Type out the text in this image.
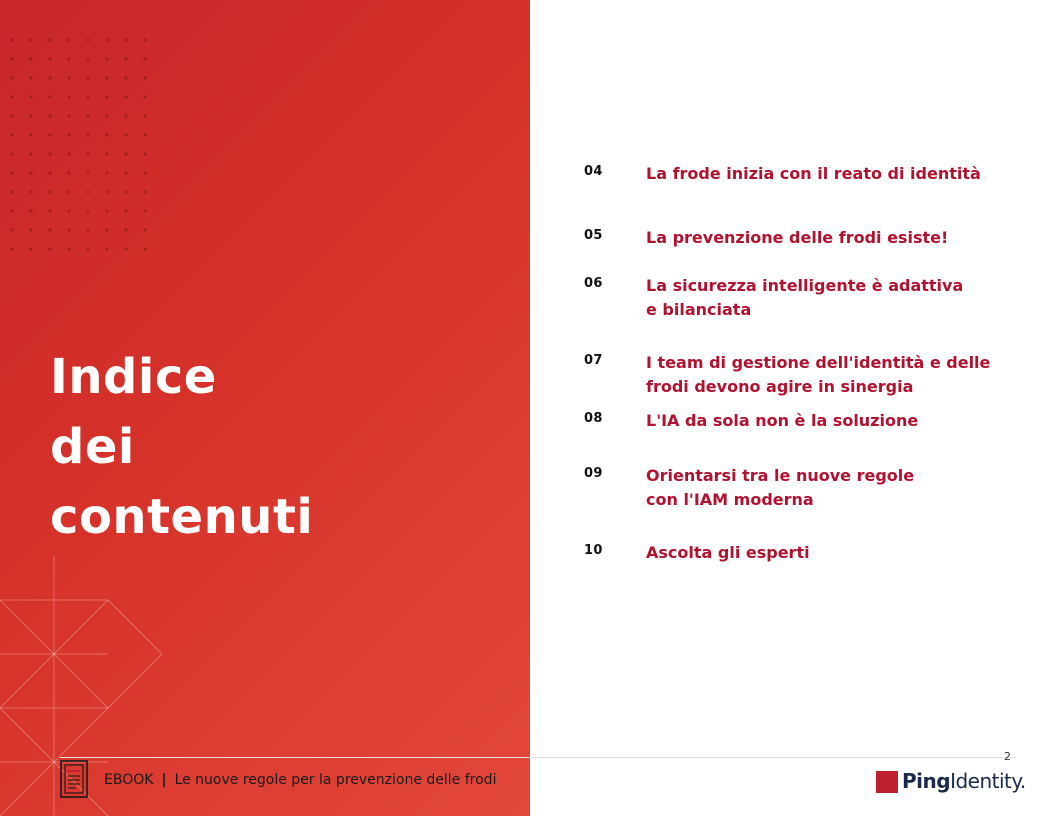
Indice
dei
contenuti
04	La frode inizia con il reato di identità
05	La prevenzione delle frodi esiste!
06	La sicurezza intelligente è adattiva
e bilanciata
07	I team di gestione dell'identità e delle
frodi devono agire in sinergia
08	L'IA da sola non è la soluzione
09	Orientarsi tra le nuove regole
con l'IAM moderna
10	Ascolta gli esperti
2
EBOOK | Le nuove regole per la prevenzione delle frodi	PingIdentity.
